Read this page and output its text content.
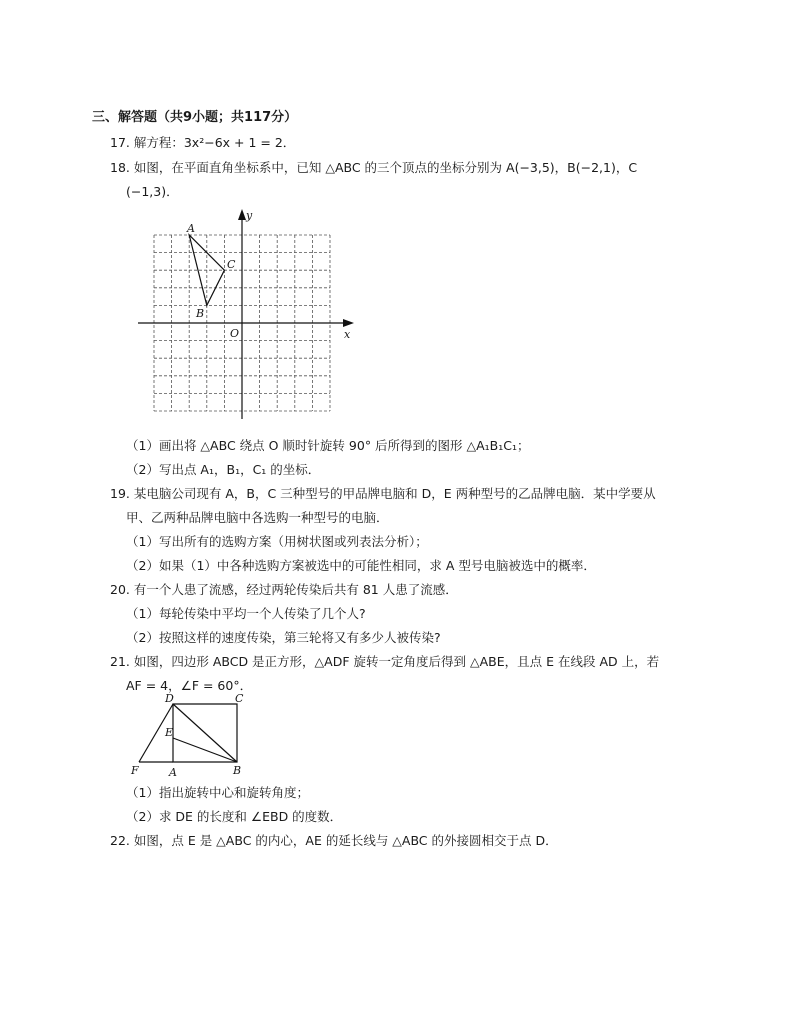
三、解答题（共9小题；共117分）
17. 解方程：3x²−6x + 1 = 2．
18. 如图，在平面直角坐标系中，已知 △ABC 的三个顶点的坐标分别为 A(−3,5)，B(−2,1)，C
(−1,3)．
A
B
C
O	x
y
（1）画出将 △ABC 绕点 O 顺时针旋转 90° 后所得到的图形 △A₁B₁C₁；
（2）写出点 A₁，B₁，C₁ 的坐标．
19. 某电脑公司现有 A，B，C 三种型号的甲品牌电脑和 D，E 两种型号的乙品牌电脑．某中学要从
甲、乙两种品牌电脑中各选购一种型号的电脑．
（1）写出所有的选购方案（用树状图或列表法分析）；
（2）如果（1）中各种选购方案被选中的可能性相同，求 A 型号电脑被选中的概率．
20. 有一个人患了流感，经过两轮传染后共有 81 人患了流感．
（1）每轮传染中平均一个人传染了几个人?
（2）按照这样的速度传染，第三轮将又有多少人被传染?
21. 如图，四边形 ABCD 是正方形，△ADF 旋转一定角度后得到 △ABE，且点 E 在线段 AD 上，若
AF = 4，∠F = 60°．
D	C
E
F	A	B
（1）指出旋转中心和旋转角度；
（2）求 DE 的长度和 ∠EBD 的度数．
22. 如图，点 E 是 △ABC 的内心，AE 的延长线与 △ABC 的外接圆相交于点 D．
